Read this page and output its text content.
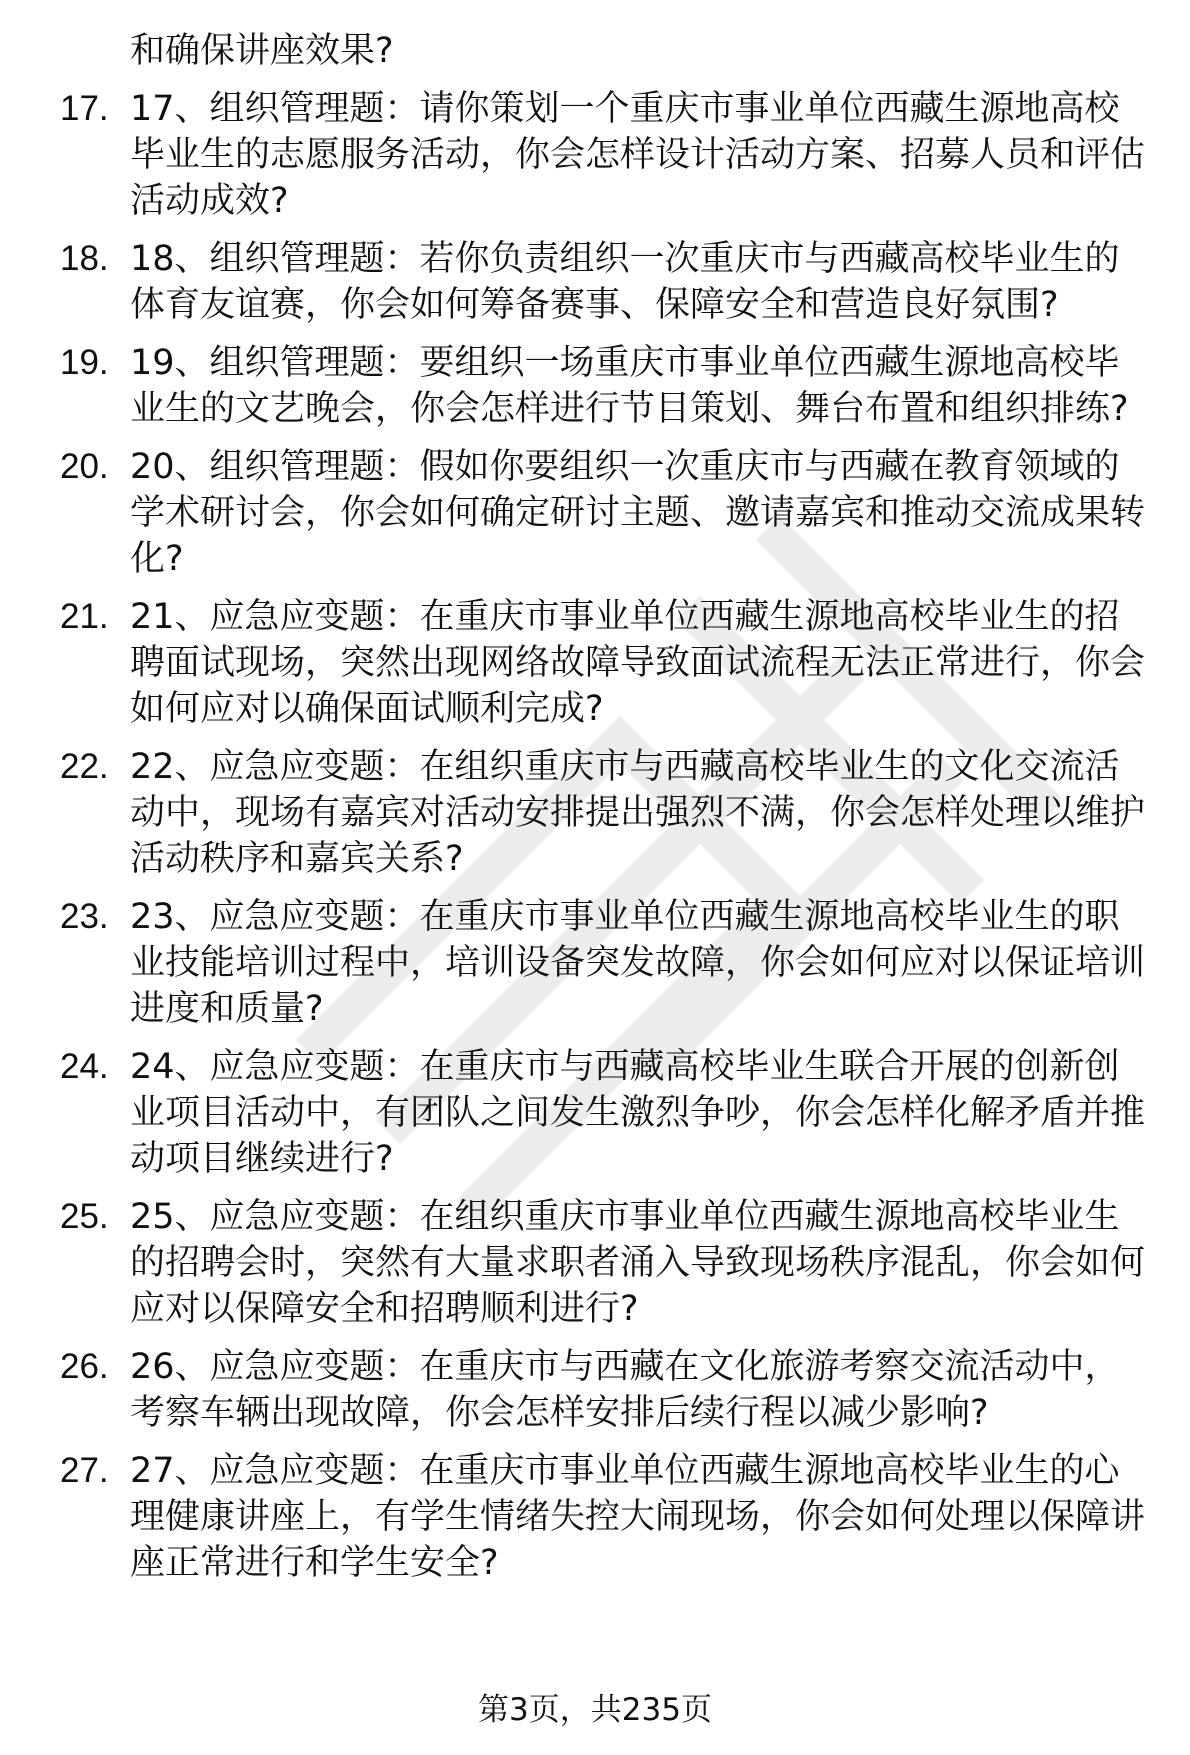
和确保讲座效果?

17. 17、组织管理题：请你策划一个重庆市事业单位西藏生源地高校毕业生的志愿服务活动，你会怎样设计活动方案、招募人员和评估活动成效?
18. 18、组织管理题：若你负责组织一次重庆市与西藏高校毕业生的体育友谊赛，你会如何筹备赛事、保障安全和营造良好氛围?
19. 19、组织管理题：要组织一场重庆市事业单位西藏生源地高校毕业生的文艺晚会，你会怎样进行节目策划、舞台布置和组织排练?
20. 20、组织管理题：假如你要组织一次重庆市与西藏在教育领域的学术研讨会，你会如何确定研讨主题、邀请嘉宾和推动交流成果转化?
21. 21、应急应变题：在重庆市事业单位西藏生源地高校毕业生的招聘面试现场，突然出现网络故障导致面试流程无法正常进行，你会如何应对以确保面试顺利完成?
22. 22、应急应变题：在组织重庆市与西藏高校毕业生的文化交流活动中，现场有嘉宾对活动安排提出强烈不满，你会怎样处理以维护活动秩序和嘉宾关系?
23. 23、应急应变题：在重庆市事业单位西藏生源地高校毕业生的职业技能培训过程中，培训设备突发故障，你会如何应对以保证培训进度和质量?
24. 24、应急应变题：在重庆市与西藏高校毕业生联合开展的创新创业项目活动中，有团队之间发生激烈争吵，你会怎样化解矛盾并推动项目继续进行?
25. 25、应急应变题：在组织重庆市事业单位西藏生源地高校毕业生的招聘会时，突然有大量求职者涌入导致现场秩序混乱，你会如何应对以保障安全和招聘顺利进行?
26. 26、应急应变题：在重庆市与西藏在文化旅游考察交流活动中，考察车辆出现故障，你会怎样安排后续行程以减少影响?
27. 27、应急应变题：在重庆市事业单位西藏生源地高校毕业生的心理健康讲座上，有学生情绪失控大闹现场，你会如何处理以保障讲座正常进行和学生安全?
第3页，共235页
